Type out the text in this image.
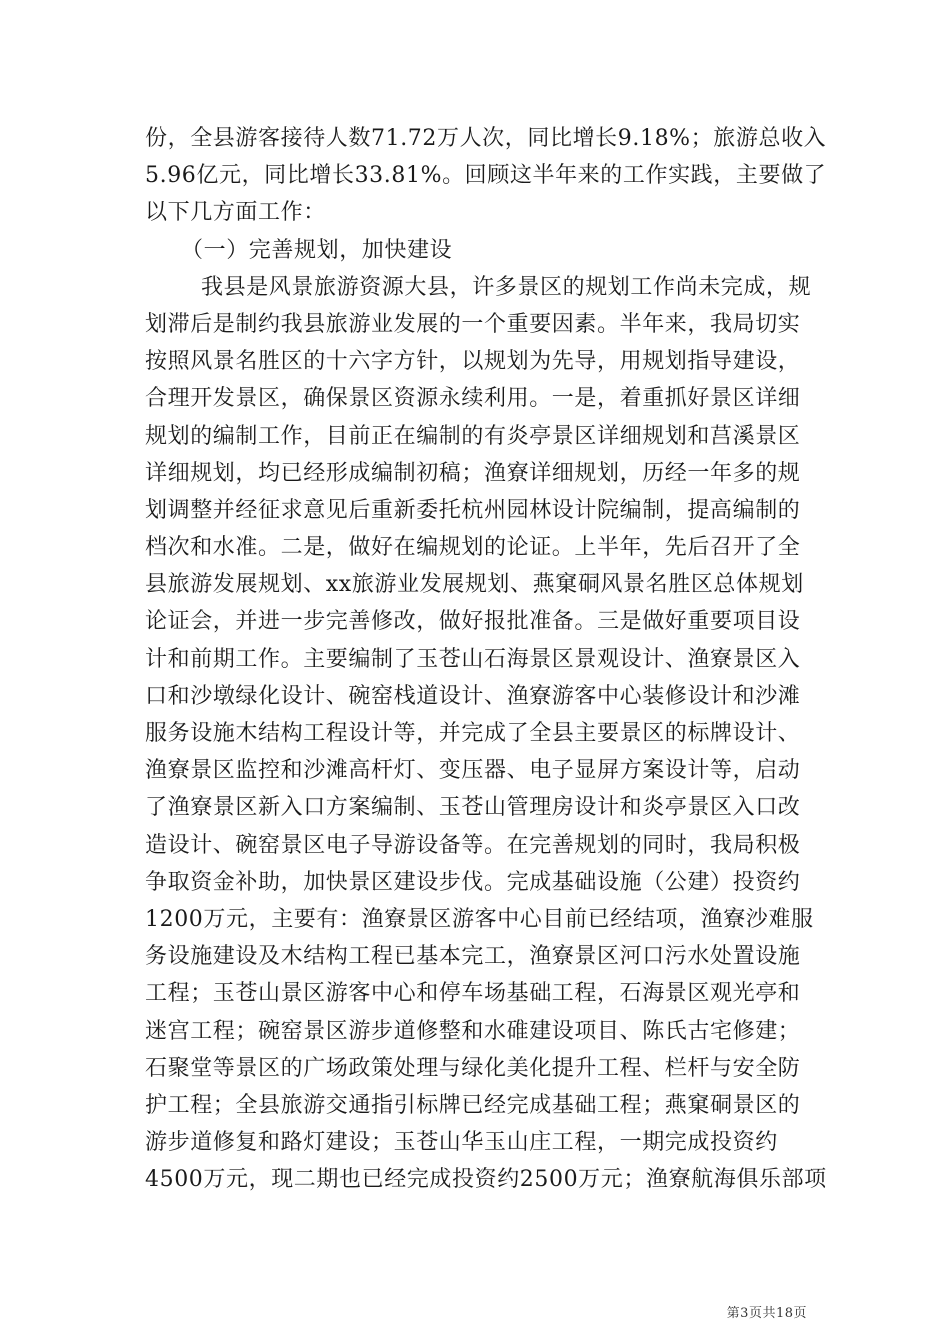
份，全县游客接待人数71.72万人次，同比增长9.18%；旅游总收入
5.96亿元，同比增长33.81%。回顾这半年来的工作实践，主要做了
以下几方面工作：
（一）完善规划，加快建设
我县是风景旅游资源大县，许多景区的规划工作尚未完成，规
划滞后是制约我县旅游业发展的一个重要因素。半年来，我局切实
按照风景名胜区的十六字方针，以规划为先导，用规划指导建设，
合理开发景区，确保景区资源永续利用。一是，着重抓好景区详细
规划的编制工作，目前正在编制的有炎亭景区详细规划和莒溪景区
详细规划，均已经形成编制初稿；渔寮详细规划，历经一年多的规
划调整并经征求意见后重新委托杭州园林设计院编制，提高编制的
档次和水准。二是，做好在编规划的论证。上半年，先后召开了全
县旅游发展规划、xx旅游业发展规划、燕窠硐风景名胜区总体规划
论证会，并进一步完善修改，做好报批准备。三是做好重要项目设
计和前期工作。主要编制了玉苍山石海景区景观设计、渔寮景区入
口和沙墩绿化设计、碗窑栈道设计、渔寮游客中心装修设计和沙滩
服务设施木结构工程设计等，并完成了全县主要景区的标牌设计、
渔寮景区监控和沙滩高杆灯、变压器、电子显屏方案设计等，启动
了渔寮景区新入口方案编制、玉苍山管理房设计和炎亭景区入口改
造设计、碗窑景区电子导游设备等。在完善规划的同时，我局积极
争取资金补助，加快景区建设步伐。完成基础设施（公建）投资约
1200万元，主要有：渔寮景区游客中心目前已经结项，渔寮沙难服
务设施建设及木结构工程已基本完工，渔寮景区河口污水处置设施
工程；玉苍山景区游客中心和停车场基础工程，石海景区观光亭和
迷宫工程；碗窑景区游步道修整和水碓建设项目、陈氏古宅修建；
石聚堂等景区的广场政策处理与绿化美化提升工程、栏杆与安全防
护工程；全县旅游交通指引标牌已经完成基础工程；燕窠硐景区的
游步道修复和路灯建设；玉苍山华玉山庄工程，一期完成投资约
4500万元，现二期也已经完成投资约2500万元；渔寮航海俱乐部项
第3页共18页
